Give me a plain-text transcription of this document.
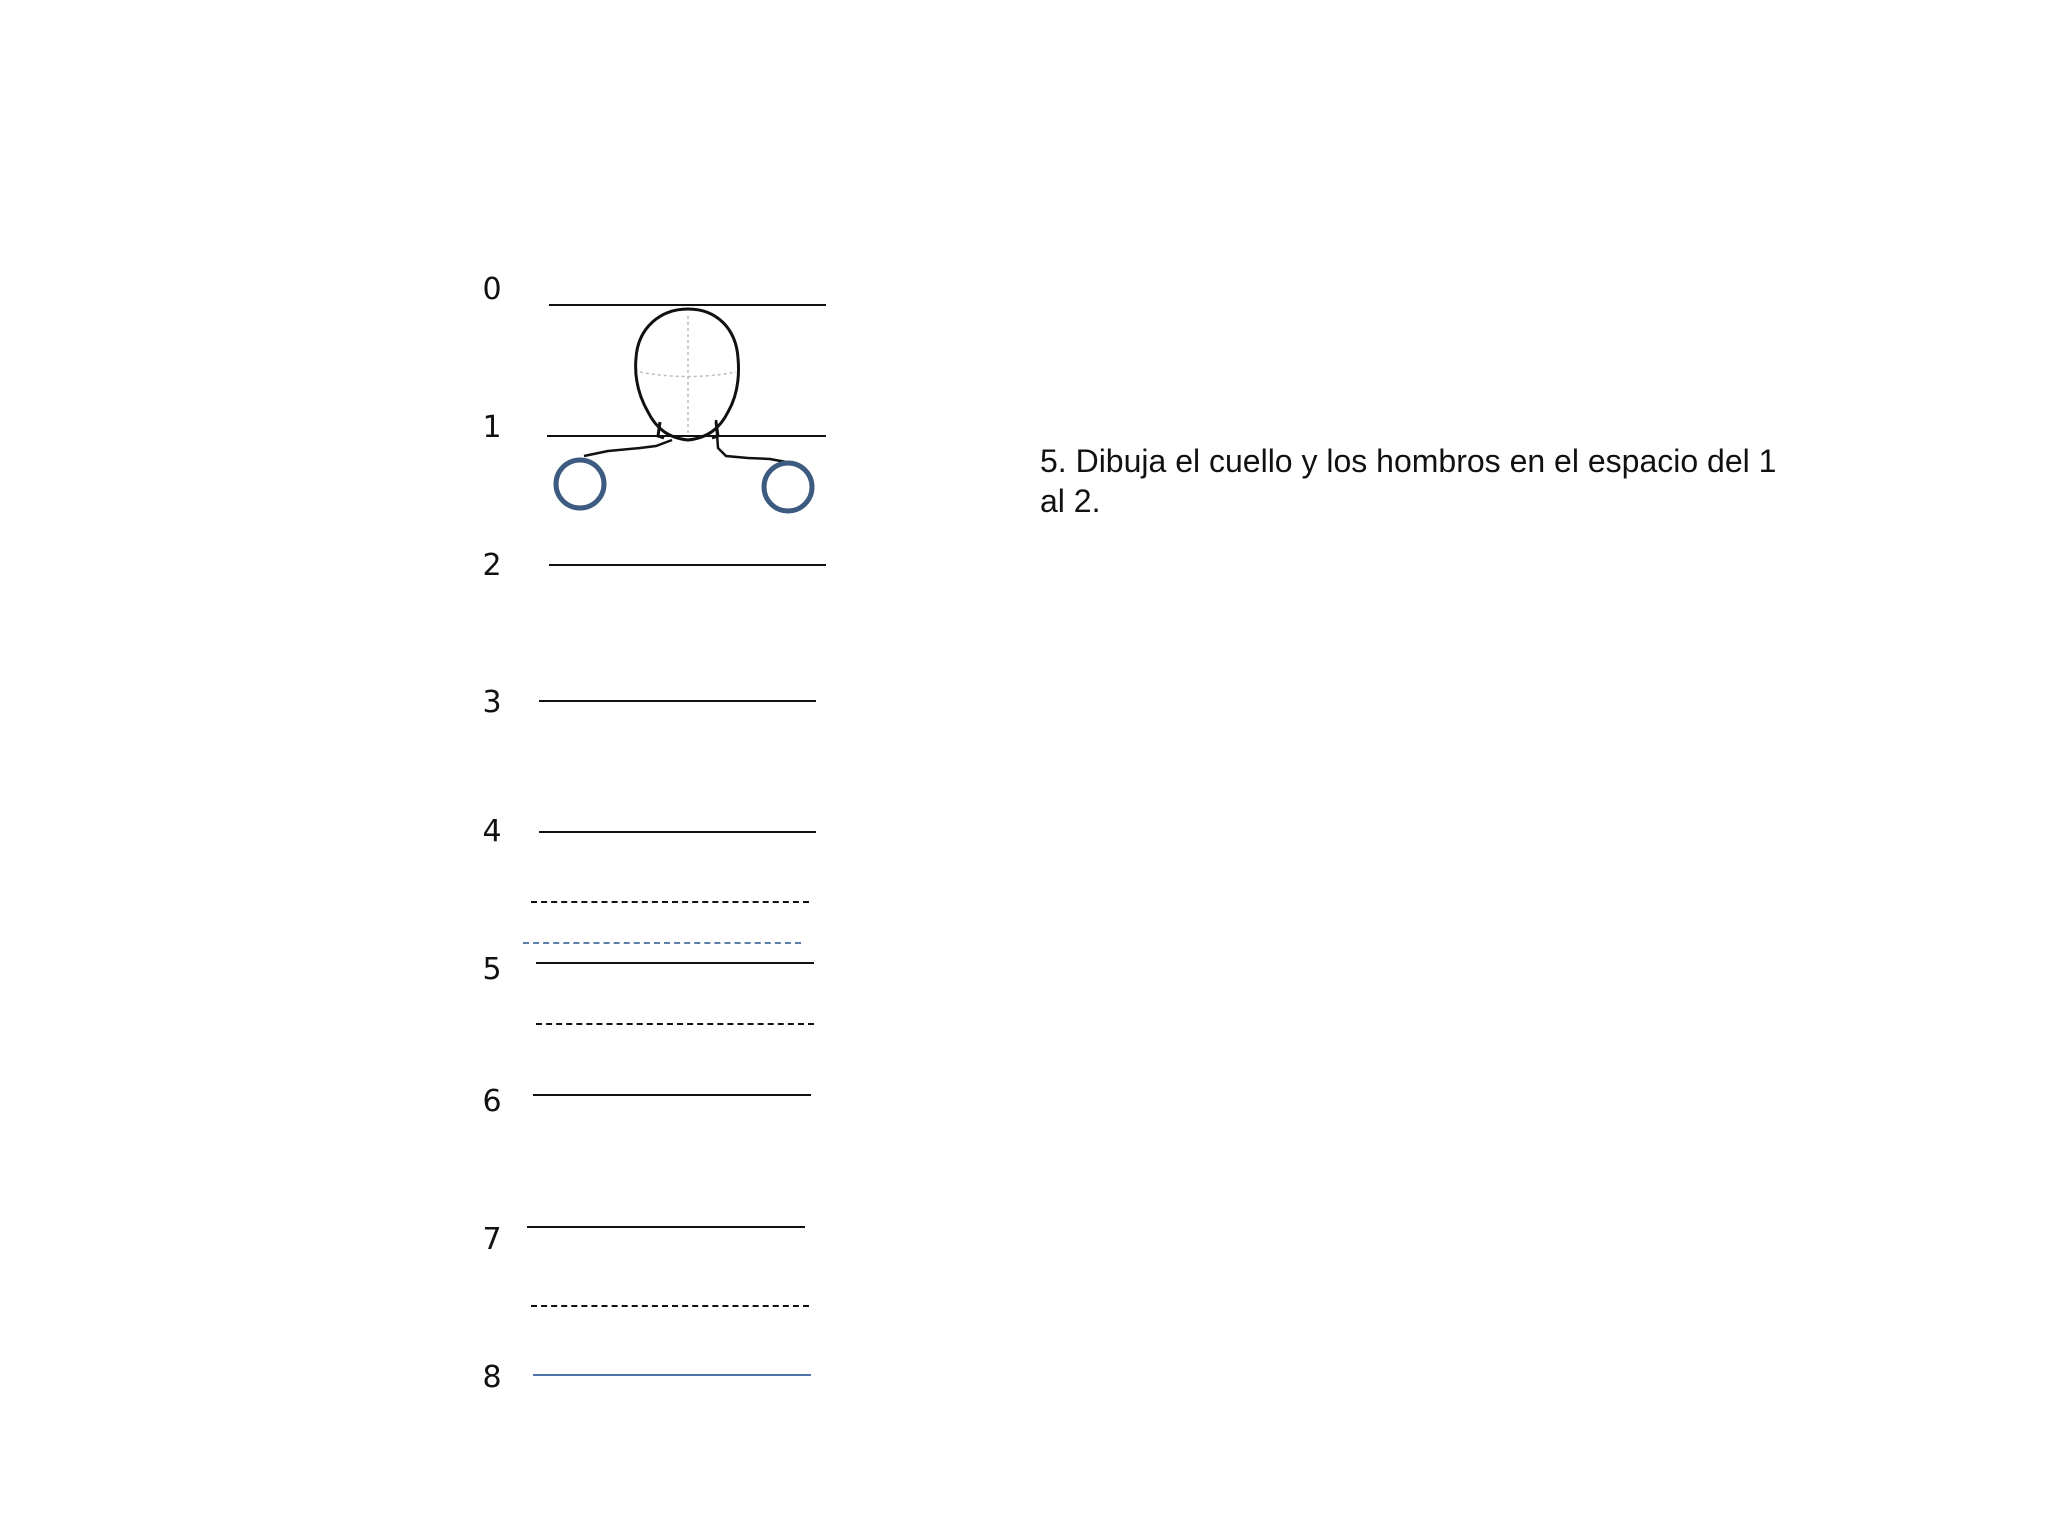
0
1
2
3
4
5
6
7
8
5. Dibuja el cuello y los hombros en el espacio del 1 al 2.
